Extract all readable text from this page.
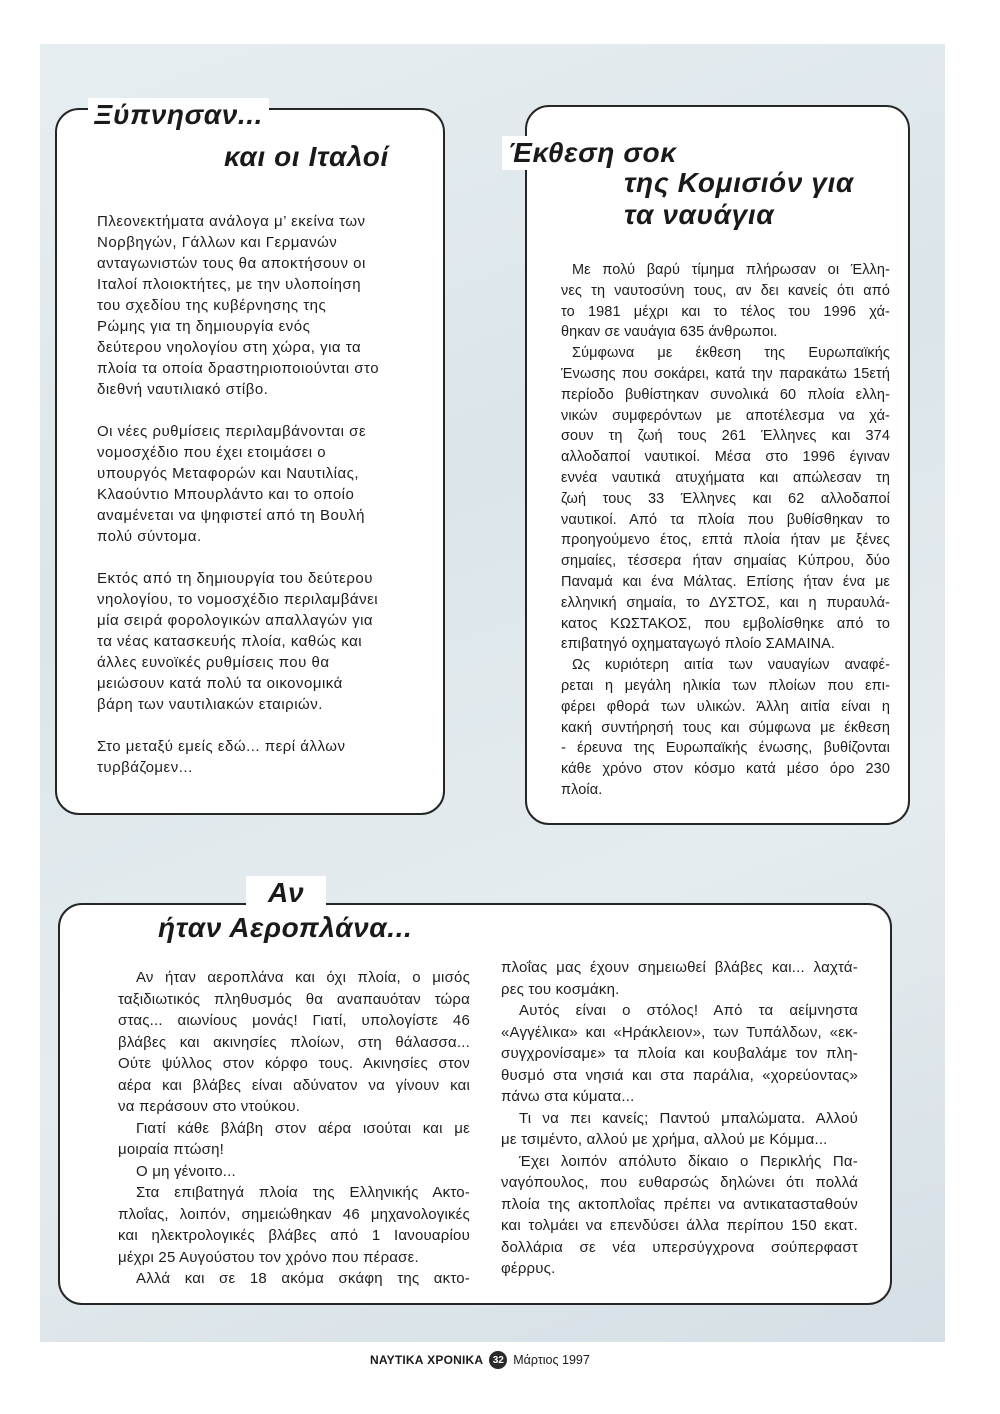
Ξύπνησαν...
και οι Ιταλοί
Πλεονεκτήματα ανάλογα μ’ εκείνα των
Νορβηγών, Γάλλων και Γερμανών
ανταγωνιστών τους θα αποκτήσουν οι
Ιταλοί πλοιοκτήτες, με την υλοποίηση
του σχεδίου της κυβέρνησης της
Ρώμης για τη δημιουργία ενός
δεύτερου νηολογίου στη χώρα, για τα
πλοία τα οποία δραστηριοποιούνται στο
διεθνή ναυτιλιακό στίβο.
Οι νέες ρυθμίσεις περιλαμβάνονται σε
νομοσχέδιο που έχει ετοιμάσει ο
υπουργός Μεταφορών και Ναυτιλίας,
Κλαούντιο Μπουρλάντο και το οποίο
αναμένεται να ψηφιστεί από τη Βουλή
πολύ σύντομα.
Εκτός από τη δημιουργία του δεύτερου
νηολογίου, το νομοσχέδιο περιλαμβάνει
μία σειρά φορολογικών απαλλαγών για
τα νέας κατασκευής πλοία, καθώς και
άλλες ευνοϊκές ρυθμίσεις που θα
μειώσουν κατά πολύ τα οικονομικά
βάρη των ναυτιλιακών εταιριών.
Στο μεταξύ εμείς εδώ... περί άλλων
τυρβάζομεν...
Έκθεση σοκ
της Κομισιόν για
τα ναυάγια
Με πολύ βαρύ τίμημα πλήρωσαν οι Έλλη-
νες τη ναυτοσύνη τους, αν δει κανείς ότι από
το 1981 μέχρι και το τέλος του 1996 χά-
θηκαν σε ναυάγια 635 άνθρωποι.
Σύμφωνα με έκθεση της Ευρωπαϊκής
Ένωσης που σοκάρει, κατά την παρακάτω 15ετή
περίοδο βυθίστηκαν συνολικά 60 πλοία ελλη-
νικών συμφερόντων με αποτέλεσμα να χά-
σουν τη ζωή τους 261 Έλληνες και 374
αλλοδαποί ναυτικοί. Μέσα στο 1996 έγιναν
εννέα ναυτικά ατυχήματα και απώλεσαν τη
ζωή τους 33 Έλληνες και 62 αλλοδαποί
ναυτικοί. Από τα πλοία που βυθίσθηκαν το
προηγούμενο έτος, επτά πλοία ήταν με ξένες
σημαίες, τέσσερα ήταν σημαίας Κύπρου, δύο
Παναμά και ένα Μάλτας. Επίσης ήταν ένα με
ελληνική σημαία, το ΔΥΣΤΟΣ, και η πυραυλά-
κατος ΚΩΣΤΑΚΟΣ, που εμβολίσθηκε από το
επιβατηγό οχηματαγωγό πλοίο ΣΑΜΑΙΝΑ.
Ως κυριότερη αιτία των ναυαγίων αναφέ-
ρεται η μεγάλη ηλικία των πλοίων που επι-
φέρει φθορά των υλικών. Άλλη αιτία είναι η
κακή συντήρησή τους και σύμφωνα με έκθεση
- έρευνα της Ευρωπαϊκής ένωσης, βυθίζονται
κάθε χρόνο στον κόσμο κατά μέσο όρο 230
πλοία.
Αν
ήταν Αεροπλάνα...
Αν ήταν αεροπλάνα και όχι πλοία, ο μισός
ταξιδιωτικός πληθυσμός θα αναπαυόταν τώρα
στας... αιωνίους μονάς! Γιατί, υπολογίστε 46
βλάβες και ακινησίες πλοίων, στη θάλασσα...
Ούτε ψύλλος στον κόρφο τους. Ακινησίες στον
αέρα και βλάβες είναι αδύνατον να γίνουν και
να περάσουν στο ντούκου.
Γιατί κάθε βλάβη στον αέρα ισούται και με
μοιραία πτώση!
Ο μη γένοιτο...
Στα επιβατηγά πλοία της Ελληνικής Ακτο-
πλοΐας, λοιπόν, σημειώθηκαν 46 μηχανολογικές
και ηλεκτρολογικές βλάβες από 1 Ιανουαρίου
μέχρι 25 Αυγούστου τον χρόνο που πέρασε.
Αλλά και σε 18 ακόμα σκάφη της ακτο-
πλοΐας μας έχουν σημειωθεί βλάβες και... λαχτά-
ρες του κοσμάκη.
Αυτός είναι ο στόλος! Από τα αείμνηστα
«Αγγέλικα» και «Ηράκλειον», των Τυπάλδων, «εκ-
συγχρονίσαμε» τα πλοία και κουβαλάμε τον πλη-
θυσμό στα νησιά και στα παράλια, «χορεύοντας»
πάνω στα κύματα...
Τι να πει κανείς; Παντού μπαλώματα. Αλλού
με τσιμέντο, αλλού με χρήμα, αλλού με Κόμμα...
Έχει λοιπόν απόλυτο δίκαιο ο Περικλής Πα-
ναγόπουλος, που ευθαρσώς δηλώνει ότι πολλά
πλοία της ακτοπλοΐας πρέπει να αντικατασταθούν
και τολμάει να επενδύσει άλλα περίπου 150 εκατ.
δολλάρια σε νέα υπερσύγχρονα σούπερφαστ
φέρρυς.
ΝΑΥΤΙΚΑ ΧΡΟΝΙΚΑ 32 Μάρτιος 1997
